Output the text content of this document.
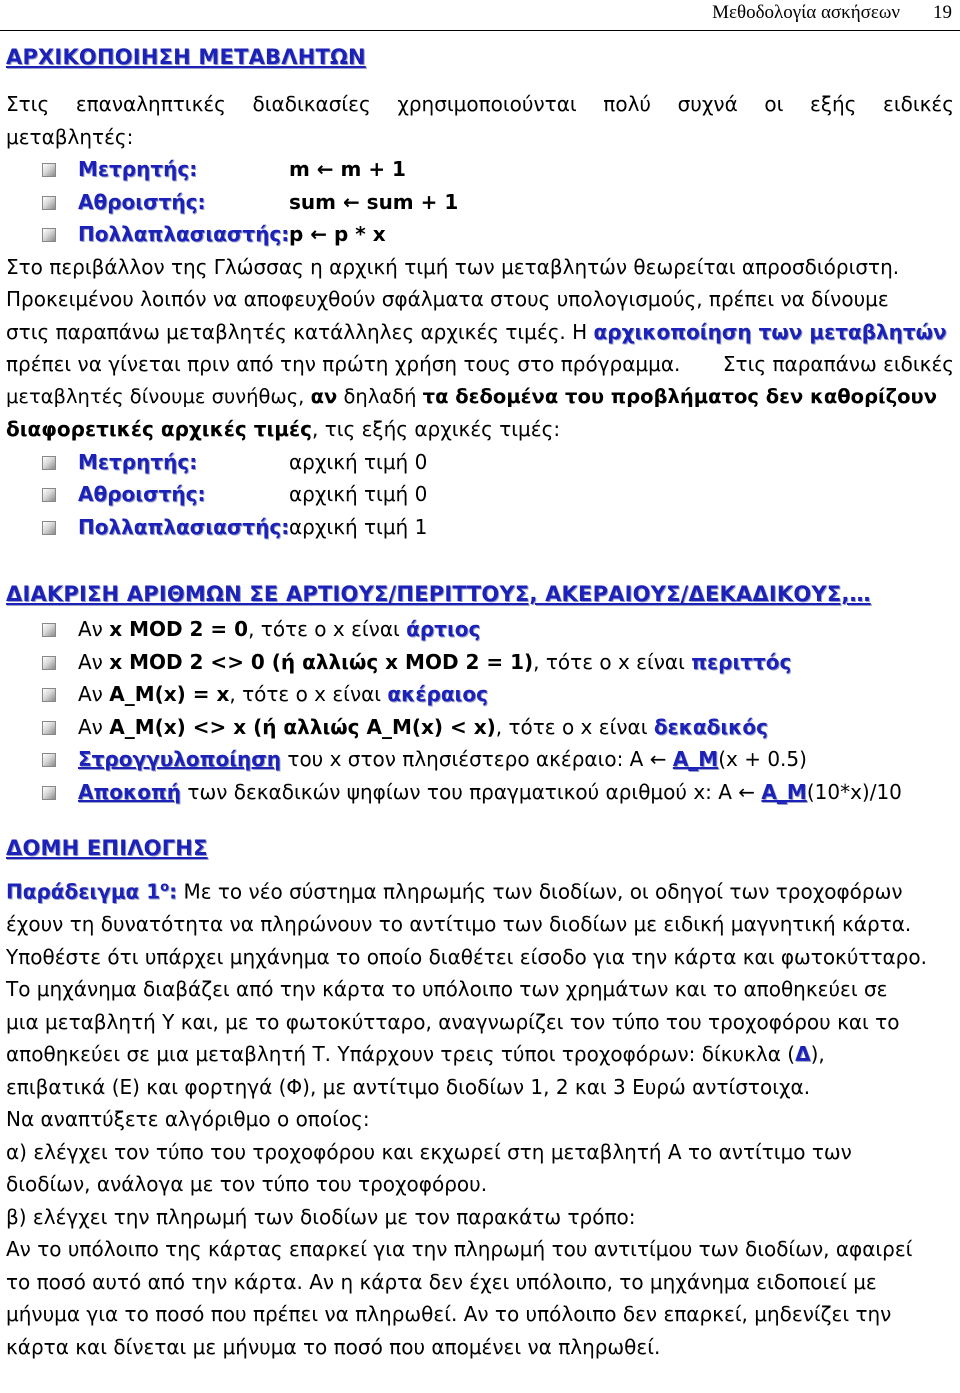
Μεθοδολογία ασκήσεων 19
ΑΡΧΙΚΟΠΟΙΗΣΗ ΜΕΤΑΒΛΗΤΩΝ
Στις επαναληπτικές διαδικασίες χρησιμοποιούνται πολύ συχνά οι εξής ειδικές
μεταβλητές:
Μετρητής:	m ← m + 1
Αθροιστής:	sum ← sum + 1
Πολλαπλασιαστής: p ← p * x
Στο περιβάλλον της Γλώσσας η αρχική τιμή των μεταβλητών θεωρείται απροσδιόριστη.
Προκειμένου λοιπόν να αποφευχθούν σφάλματα στους υπολογισμούς, πρέπει να δίνουμε
στις παραπάνω μεταβλητές κατάλληλες αρχικές τιμές. Η αρχικοποίηση των μεταβλητών
πρέπει να γίνεται πριν από την πρώτη χρήση τους στο πρόγραμμα. Στις παραπάνω ειδικές
μεταβλητές δίνουμε συνήθως, αν δηλαδή τα δεδομένα του προβλήματος δεν καθορίζουν
διαφορετικές αρχικές τιμές, τις εξής αρχικές τιμές:
Μετρητής:	αρχική τιμή 0
Αθροιστής:	αρχική τιμή 0
Πολλαπλασιαστής: αρχική τιμή 1
ΔΙΑΚΡΙΣΗ ΑΡΙΘΜΩΝ ΣΕ ΑΡΤΙΟΥΣ/ΠΕΡΙΤΤΟΥΣ, ΑΚΕΡΑΙΟΥΣ/ΔΕΚΑΔΙΚΟΥΣ,…
Αν x MOD 2 = 0, τότε ο x είναι άρτιος
Αν x MOD 2 <> 0 (ή αλλιώς x MOD 2 = 1), τότε ο x είναι περιττός
Αν A_M(x) = x, τότε ο x είναι ακέραιος
Αν A_M(x) <> x (ή αλλιώς A_M(x) < x), τότε ο x είναι δεκαδικός
Στρογγυλοποίηση του x στον πλησιέστερο ακέραιο: A ← A_M(x + 0.5)
Αποκοπή των δεκαδικών ψηφίων του πραγματικού αριθμού x: A ← A_M(10*x)/10
ΔΟΜΗ ΕΠΙΛΟΓΗΣ
Παράδειγμα $1^o$: Με το νέο σύστημα πληρωμής των διοδίων, οι οδηγοί των τροχοφόρων
έχουν τη δυνατότητα να πληρώνουν το αντίτιμο των διοδίων με ειδική μαγνητική κάρτα.
Υποθέστε ότι υπάρχει μηχάνημα το οποίο διαθέτει είσοδο για την κάρτα και φωτοκύτταρο.
Το μηχάνημα διαβάζει από την κάρτα το υπόλοιπο των χρημάτων και το αποθηκεύει σε
μια μεταβλητή Υ και, με το φωτοκύτταρο, αναγνωρίζει τον τύπο του τροχοφόρου και το
αποθηκεύει σε μια μεταβλητή Τ. Υπάρχουν τρεις τύποι τροχοφόρων: δίκυκλα (Δ),
επιβατικά (Ε) και φορτηγά (Φ), με αντίτιμο διοδίων 1, 2 και 3 Ευρώ αντίστοιχα.
Να αναπτύξετε αλγόριθμο ο οποίος:
α) ελέγχει τον τύπο του τροχοφόρου και εκχωρεί στη μεταβλητή Α το αντίτιμο των
διοδίων, ανάλογα με τον τύπο του τροχοφόρου.
β) ελέγχει την πληρωμή των διοδίων με τον παρακάτω τρόπο:
Αν το υπόλοιπο της κάρτας επαρκεί για την πληρωμή του αντιτίμου των διοδίων, αφαιρεί
το ποσό αυτό από την κάρτα. Αν η κάρτα δεν έχει υπόλοιπο, το μηχάνημα ειδοποιεί με
μήνυμα για το ποσό που πρέπει να πληρωθεί. Αν το υπόλοιπο δεν επαρκεί, μηδενίζει την
κάρτα και δίνεται με μήνυμα το ποσό που απομένει να πληρωθεί.
